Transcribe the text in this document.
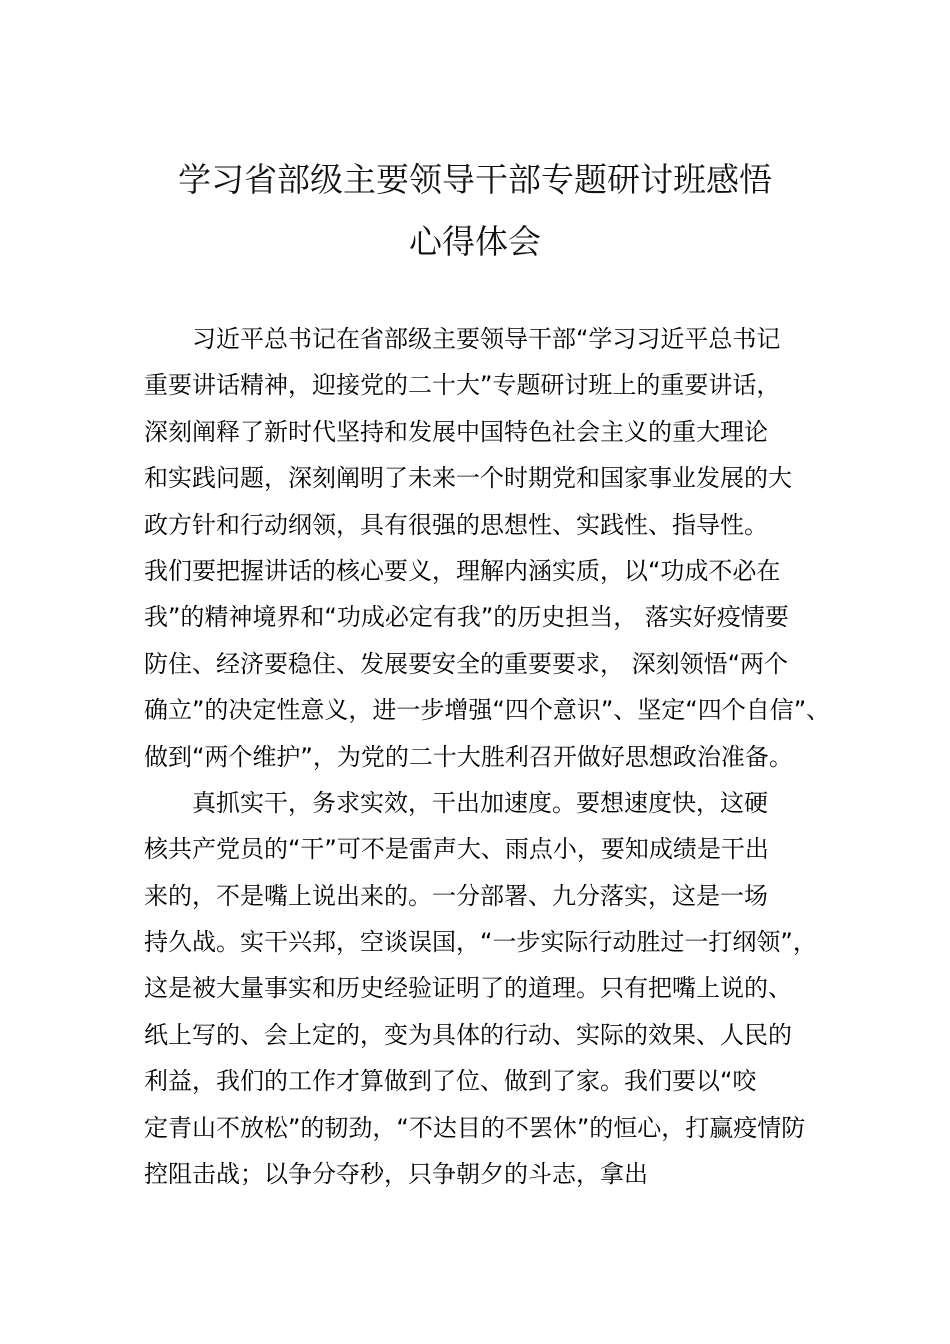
学习省部级主要领导干部专题研讨班感悟
心得体会
习近平总书记在省部级主要领导干部“学习习近平总书记
重要讲话精神，迎接党的二十大”专题研讨班上的重要讲话，
深刻阐释了新时代坚持和发展中国特色社会主义的重大理论
和实践问题，深刻阐明了未来一个时期党和国家事业发展的大
政方针和行动纲领，具有很强的思想性、实践性、指导性。
我们要把握讲话的核心要义，理解内涵实质，以“功成不必在
我”的精神境界和“功成必定有我”的历史担当， 落实好疫情要
防住、经济要稳住、发展要安全的重要要求， 深刻领悟“两个
确立”的决定性意义，进一步增强“四个意识”、坚定“四个自信”、
做到“两个维护”，为党的二十大胜利召开做好思想政治准备。
真抓实干，务求实效，干出加速度。要想速度快，这硬
核共产党员的“干”可不是雷声大、雨点小，要知成绩是干出
来的，不是嘴上说出来的。一分部署、九分落实，这是一场
持久战。实干兴邦，空谈误国，“一步实际行动胜过一打纲领”，
这是被大量事实和历史经验证明了的道理。只有把嘴上说的、
纸上写的、会上定的，变为具体的行动、实际的效果、人民的
利益，我们的工作才算做到了位、做到了家。我们要以“咬
定青山不放松”的韧劲，“不达目的不罢休”的恒心，打赢疫情防
控阻击战；以争分夺秒，只争朝夕的斗志，拿出
